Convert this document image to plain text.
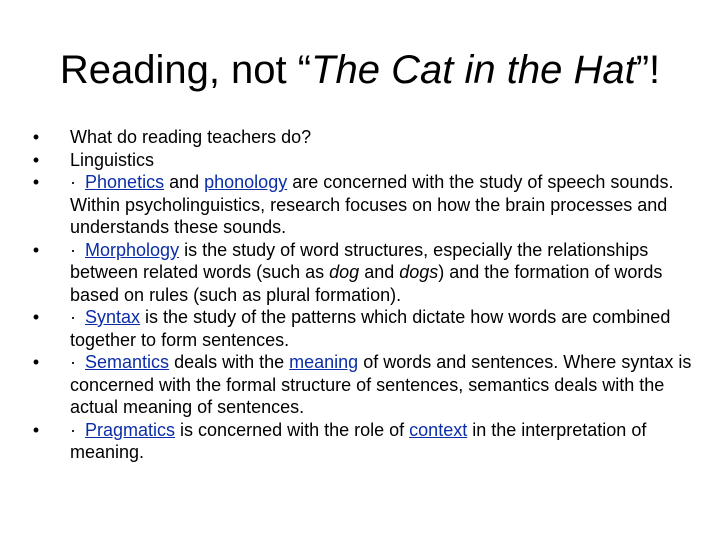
Reading, not “The Cat in the Hat”!
• What do reading teachers do?
• Linguistics
• · Phonetics and phonology are concerned with the study of speech sounds. Within psycholinguistics, research focuses on how the brain processes and understands these sounds.
• · Morphology is the study of word structures, especially the relationships between related words (such as dog and dogs) and the formation of words based on rules (such as plural formation).
• · Syntax is the study of the patterns which dictate how words are combined together to form sentences.
• · Semantics deals with the meaning of words and sentences. Where syntax is concerned with the formal structure of sentences, semantics deals with the actual meaning of sentences.
• · Pragmatics is concerned with the role of context in the interpretation of meaning.
